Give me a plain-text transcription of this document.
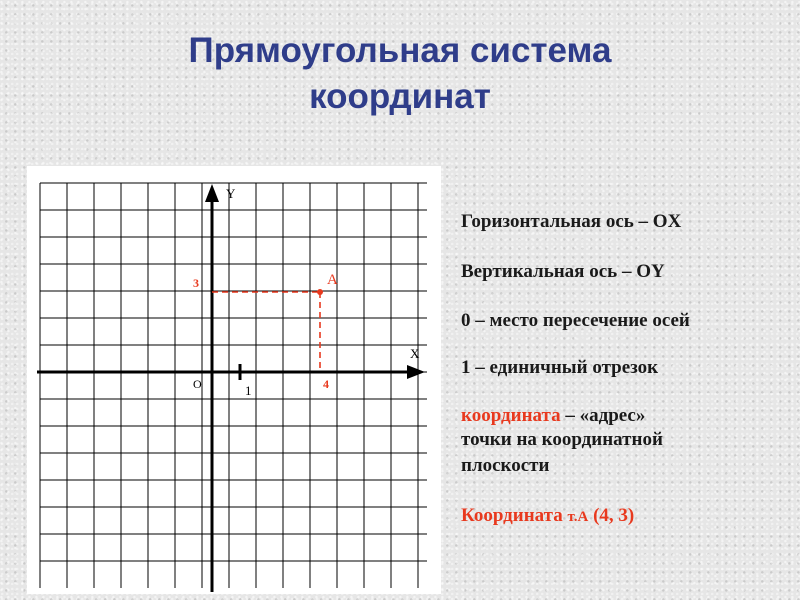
Прямоугольная система
координат
Y
X
O	1
A
3
4
Горизонтальная ось – OX
Вертикальная ось – OY
0 – место пересечение осей
1 – единичный отрезок
координата – «адрес»
точки на координатной
плоскости
Координата т.А (4, 3)
